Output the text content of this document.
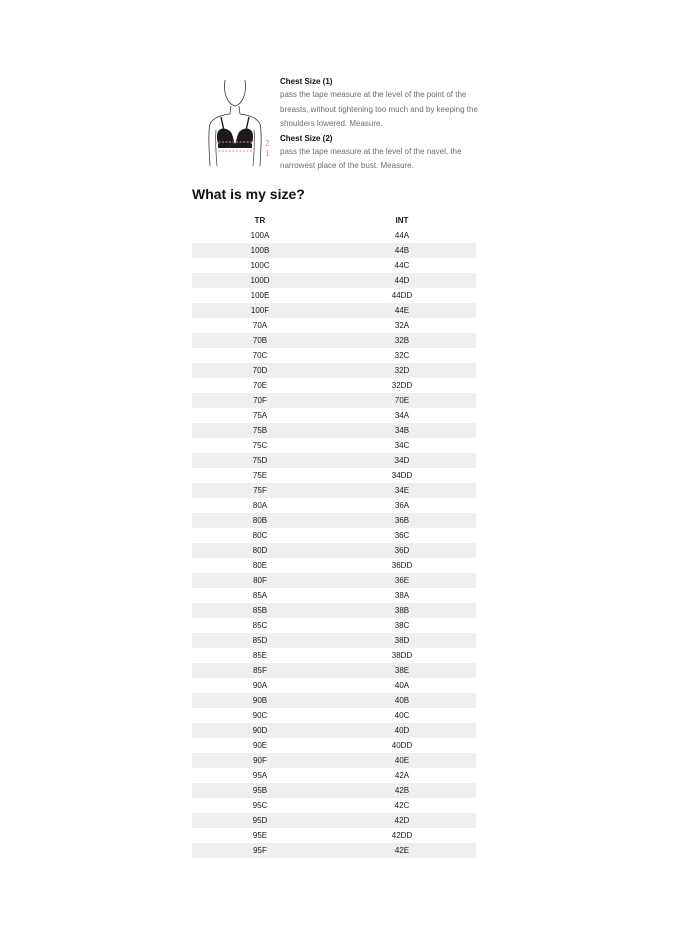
2
1
Chest Size (1)
pass the tape measure at the level of the point of the breasts, without tightening too much and by keeping the shoulders lowered. Measure.
Chest Size (2)
pass the tape measure at the level of the navel, the narrowest place of the bust. Measure.
What is my size?
TR	INT
100A	44A
100B	44B
100C	44C
100D	44D
100E	44DD
100F	44E
70A	32A
70B	32B
70C	32C
70D	32D
70E	32DD
70F	70E
75A	34A
75B	34B
75C	34C
75D	34D
75E	34DD
75F	34E
80A	36A
80B	36B
80C	36C
80D	36D
80E	36DD
80F	36E
85A	38A
85B	38B
85C	38C
85D	38D
85E	38DD
85F	38E
90A	40A
90B	40B
90C	40C
90D	40D
90E	40DD
90F	40E
95A	42A
95B	42B
95C	42C
95D	42D
95E	42DD
95F	42E
